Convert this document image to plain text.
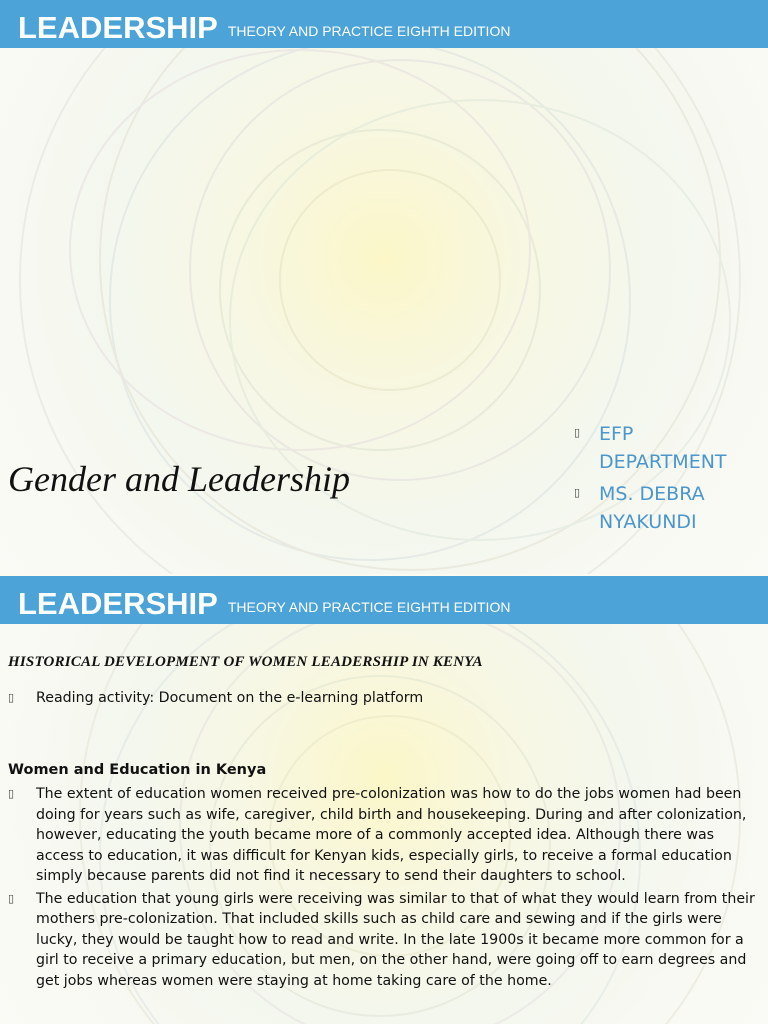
LEADERSHIP THEORY AND PRACTICE EIGHTH EDITION
Gender and Leadership
▯ EFP DEPARTMENT
▯ MS. DEBRA NYAKUNDI
LEADERSHIP THEORY AND PRACTICE EIGHTH EDITION
HISTORICAL DEVELOPMENT OF WOMEN LEADERSHIP IN KENYA
▯	Reading activity: Document on the e-learning platform
Women and Education in Kenya
▯	The extent of education women received pre-colonization was how to do the jobs women had been doing for years such as wife, caregiver, child birth and housekeeping. During and after colonization, however, educating the youth became more of a commonly accepted idea. Although there was access to education, it was difficult for Kenyan kids, especially girls, to receive a formal education simply because parents did not find it necessary to send their daughters to school.
▯	The education that young girls were receiving was similar to that of what they would learn from their mothers pre-colonization. That included skills such as child care and sewing and if the girls were lucky, they would be taught how to read and write. In the late 1900s it became more common for a girl to receive a primary education, but men, on the other hand, were going off to earn degrees and get jobs whereas women were staying at home taking care of the home.
